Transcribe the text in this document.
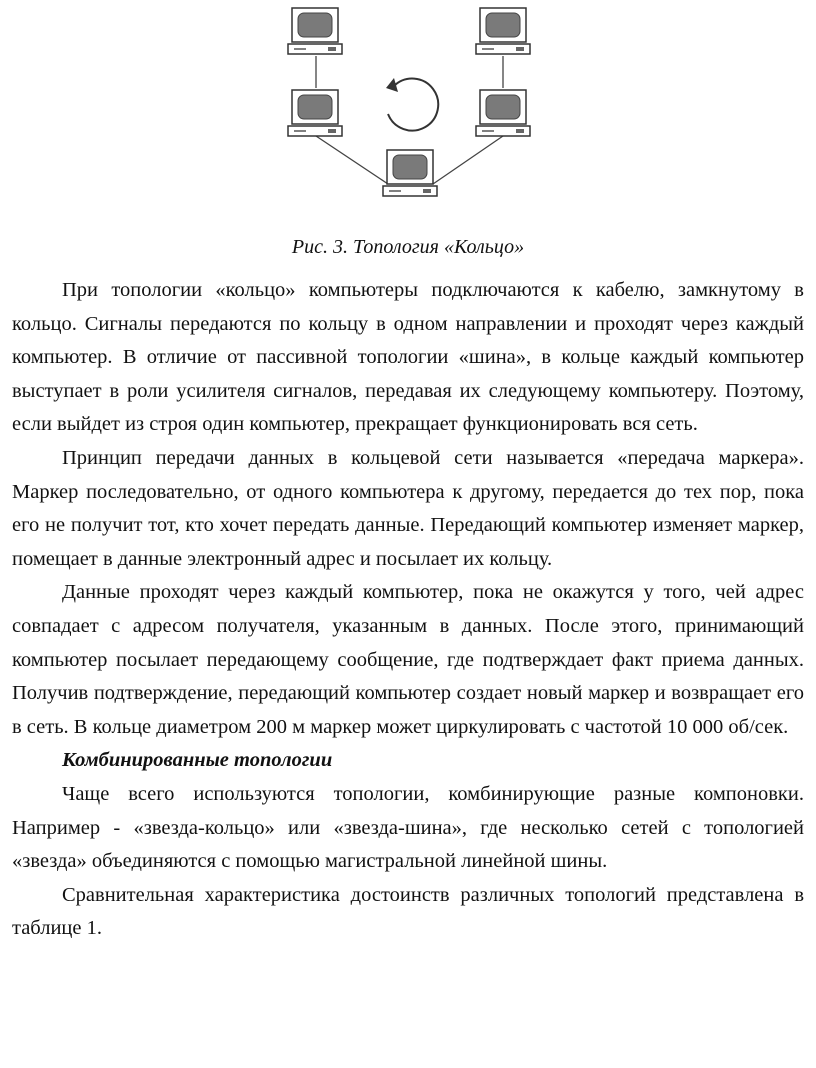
Рис. 3. Топология «Кольцо»

При топологии «кольцо» компьютеры подключаются к кабелю, замкнутому в кольцо. Сигналы передаются по кольцу в одном направлении и проходят через каждый компьютер. В отличие от пассивной топологии «шина», в кольце каждый компьютер выступает в роли усилителя сигналов, передавая их следующему компьютеру. Поэтому, если выйдет из строя один компьютер, прекращает функционировать вся сеть.

Принцип передачи данных в кольцевой сети называется «передача маркера». Маркер последовательно, от одного компьютера к другому, передается до тех пор, пока его не получит тот, кто хочет передать данные. Передающий компьютер изменяет маркер, помещает в данные электронный адрес и посылает их кольцу.

Данные проходят через каждый компьютер, пока не окажутся у того, чей адрес совпадает с адресом получателя, указанным в данных. После этого, принимающий компьютер посылает передающему сообщение, где подтверждает факт приема данных. Получив подтверждение, передающий компьютер создает новый маркер и возвращает его в сеть. В кольце диаметром 200 м маркер может циркулировать с частотой 10 000 об/сек.

Комбинированные топологии

Чаще всего используются топологии, комбинирующие разные компоновки. Например - «звезда-кольцо» или «звезда-шина», где несколько сетей с топологией «звезда» объединяются с помощью магистральной линейной шины.

Сравнительная характеристика достоинств различных топологий представлена в таблице 1.
